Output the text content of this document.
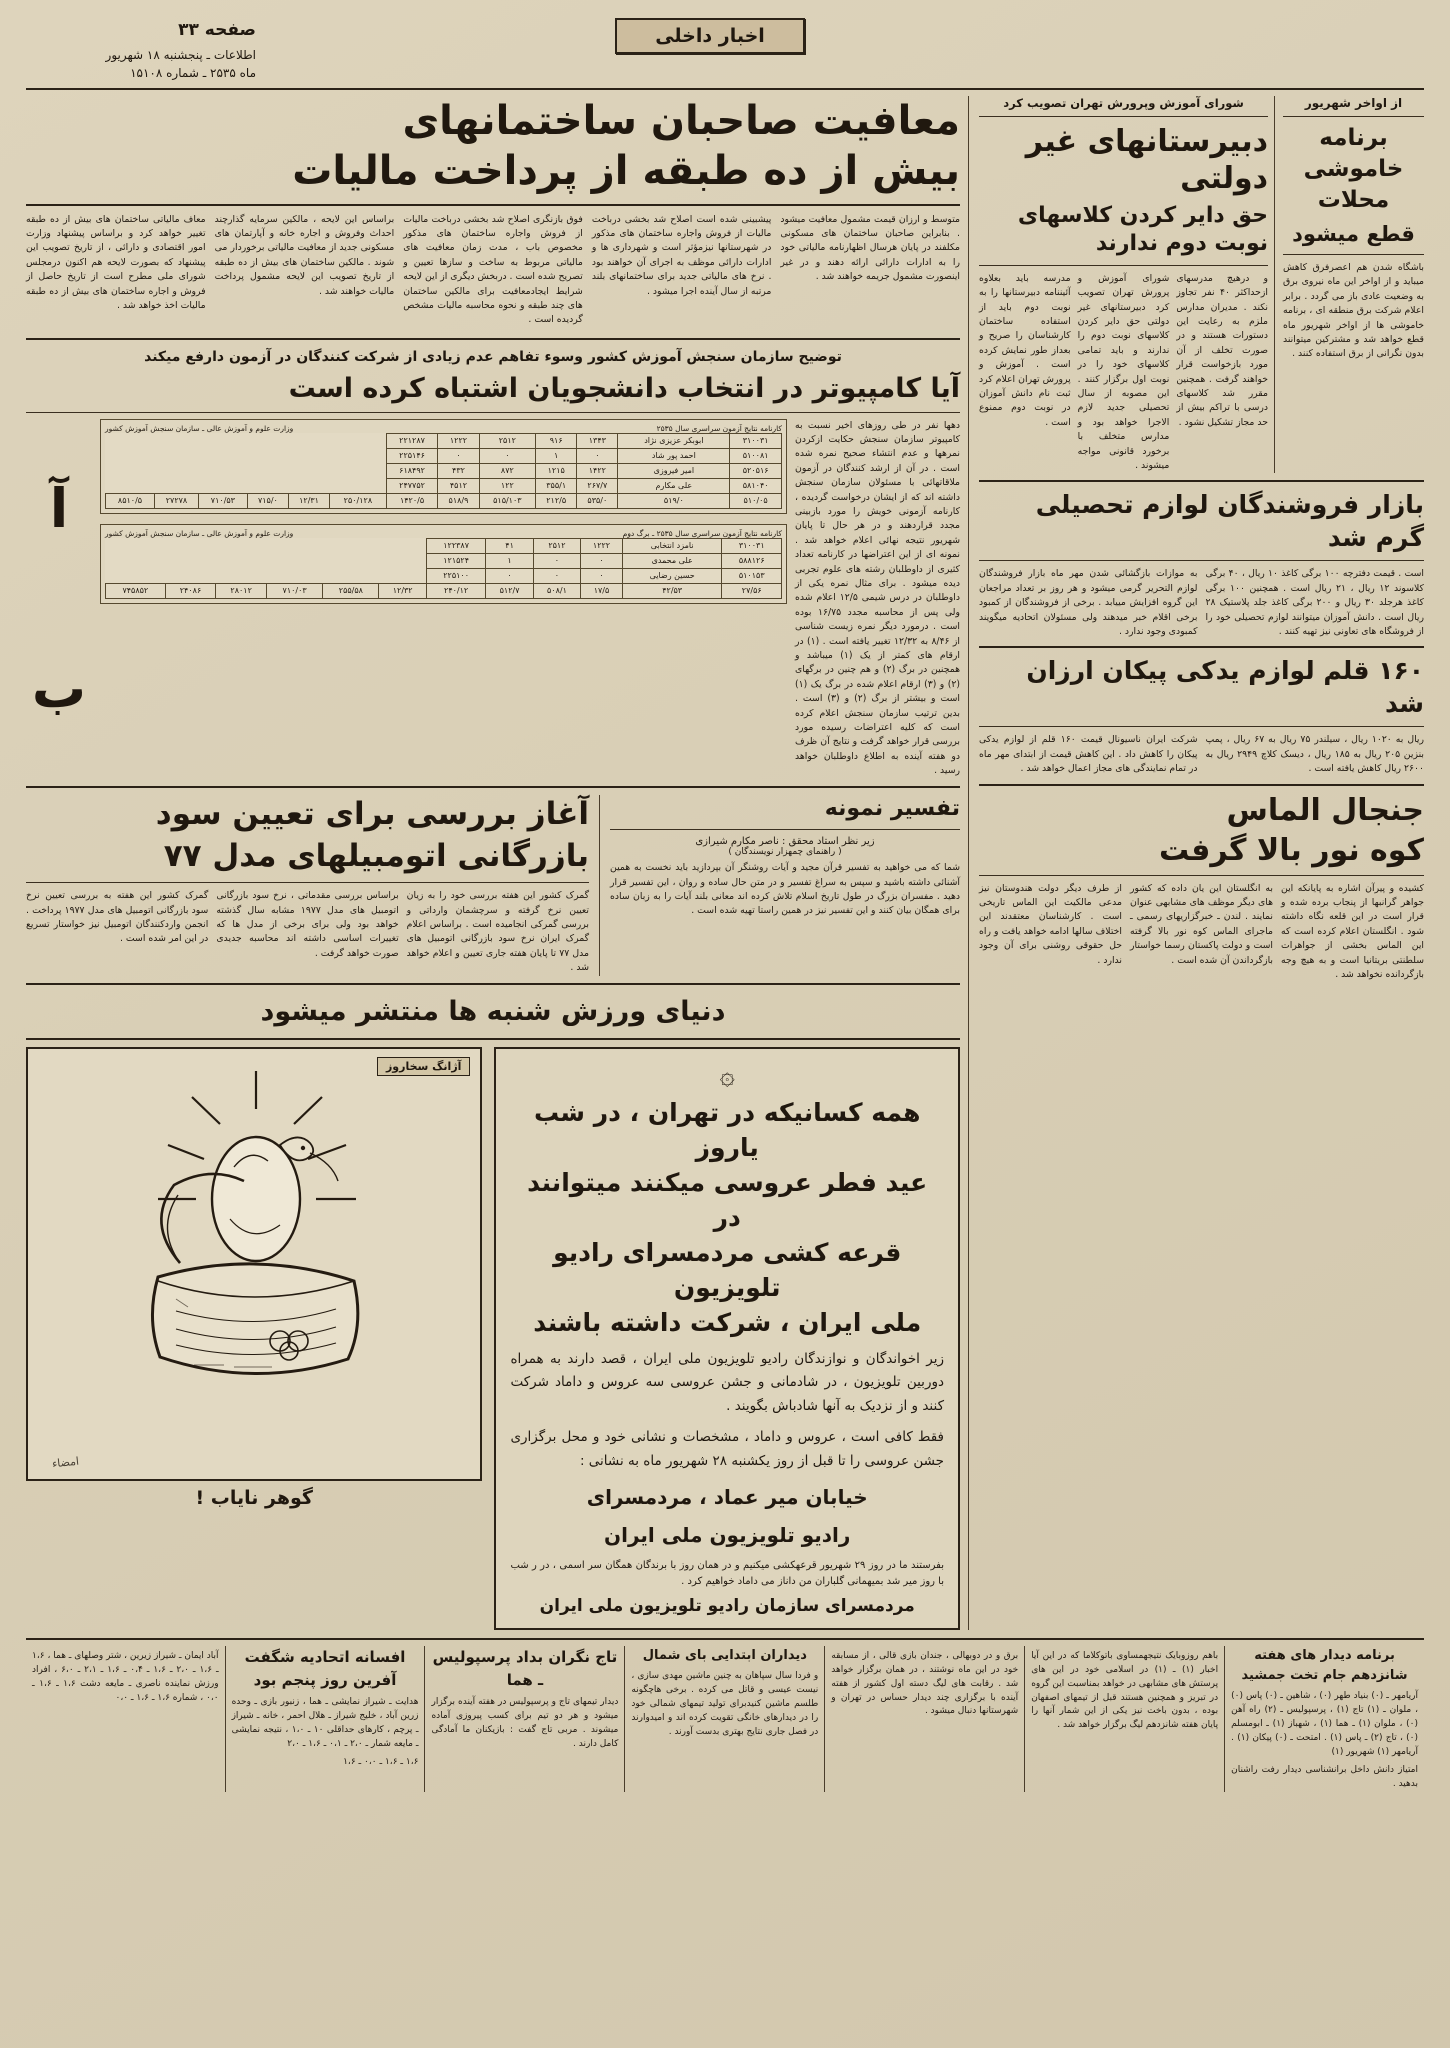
اخبار داخلی
صفحه ۳۳
اطلاعات ـ پنجشنبه ۱۸ شهریور
ماه ۲۵۳۵ ـ شماره ۱۵۱۰۸
از اواخر شهریور
برنامه
خاموشی
محلات
قطع میشود
باشگاه شدن هم اعصرفرق کاهش میباید و از اواخر این ماه نیروی برق به وضعیت عادی باز می گردد . برابر اعلام شرکت برق منطقه ای ، برنامه خاموشی ها از اواخر شهریور ماه قطع خواهد شد و مشترکین میتوانند بدون نگرانی از برق استفاده کنند .
شورای آموزش وپرورش تهران تصویب کرد
دبیرستانهای غیر دولتی
حق دایر کردن کلاسهای نوبت دوم ندارند
و درهیچ مدرسهای ازحداکثر ۴۰ نفر تجاوز نکند . مدیران مدارس ملزم به رعایت این دستورات هستند و در صورت تخلف از آن مورد بازخواست قرار خواهند گرفت . همچنین مقرر شد کلاسهای درسی با تراکم بیش از حد مجاز تشکیل نشود .
شورای آموزش و پرورش تهران تصویب کرد دبیرستانهای غیر دولتی حق دایر کردن کلاسهای نوبت دوم را ندارند و باید تمامی کلاسهای خود را در نوبت اول برگزار کنند . این مصوبه از سال تحصیلی جدید لازم الاجرا خواهد بود و مدارس متخلف با برخورد قانونی مواجه میشوند .
مدرسه باید بعلاوه آئیننامه دبیرستانها را به نوبت دوم باید از استفاده ساختمان کارشناسان را صریح و بعداز طور نمایش کرده است . آموزش و پرورش تهران اعلام کرد ثبت نام دانش آموزان در نوبت دوم ممنوع است .
بازار فروشندگان لوازم تحصیلی گرم شد
است . قیمت دفترچه ۱۰۰ برگی کاغذ ۱۰ ریال ، ۴۰ برگی کلاسوند ۱۲ ریال ، ۲۱ ریال است . همچنین ۱۰۰ برگی کاغذ هرجلد ۳۰ ریال و ۲۰۰ برگی کاغذ جلد پلاستیک ۲۸ ریال است . دانش آموزان میتوانند لوازم تحصیلی خود را از فروشگاه های تعاونی نیز تهیه کنند .
به موازات بازگشائی شدن مهر ماه بازار فروشندگان لوازم التحریر گرمی میشود و هر روز بر تعداد مراجعان این گروه افزایش مییابد . برخی از فروشندگان از کمبود برخی اقلام خبر میدهند ولی مسئولان اتحادیه میگویند کمبودی وجود ندارد .
۱۶۰ قلم لوازم یدکی پیکان ارزان شد
ریال به ۱۰۲۰ ریال ، سیلندر ۷۵ ریال به ۶۷ ریال ، پمپ بنزین ۲۰۵ ریال به ۱۸۵ ریال ، دیسک کلاچ ۲۹۴۹ ریال به ۲۶۰۰ ریال کاهش یافته است .
شرکت ایران ناسیونال قیمت ۱۶۰ قلم از لوازم یدکی پیکان را کاهش داد . این کاهش قیمت از ابتدای مهر ماه در تمام نمایندگی های مجاز اعمال خواهد شد .
جنجال الماس
کوه نور بالا گرفت
کشیده و پیرآن اشاره به پایانکه این جواهر گرانبها از پنجاب برده شده و قرار است در این قلعه نگاه داشته شود . انگلستان اعلام کرده است که این الماس بخشی از جواهرات سلطنتی بریتانیا است و به هیچ وجه بازگردانده نخواهد شد .
به انگلستان این یان داده که کشور های دیگر موظف های مشابهی عنوان نمایند . لندن ـ خبرگزاریهای رسمی ـ ماجرای الماس کوه نور بالا گرفته است و دولت پاکستان رسما خواستار بازگرداندن آن شده است .
از طرف دیگر دولت هندوستان نیز مدعی مالکیت این الماس تاریخی است . کارشناسان معتقدند این اختلاف سالها ادامه خواهد یافت و راه حل حقوقی روشنی برای آن وجود ندارد .
معافیت صاحبان ساختمانهای
بیش از ده طبقه از پرداخت مالیات
متوسط و ارزان قیمت مشمول معافیت میشود . بنابراین صاحبان ساختمان های مسکونی مکلفند در پایان هرسال اظهارنامه مالیاتی خود را به ادارات دارائی ارائه دهند و در غیر اینصورت مشمول جریمه خواهند شد .
پیشبینی شده است اصلاح شد بخشی درباخت مالیات از فروش واجاره ساختمان های مذکور در شهرستانها نیزمؤثر است و شهرداری ها و ادارات دارائی موظف به اجرای آن خواهند بود . نرخ های مالیاتی جدید برای ساختمانهای بلند مرتبه از سال آینده اجرا میشود .
فوق بازنگری اصلاح شد بخشی درباخت مالیات از فروش واجاره ساختمان های مذکور مخصوص باب ، مدت زمان معافیت های مالیاتی مربوط به ساخت و سازها تعیین و تصریح شده است . دربخش دیگری از این لایحه شرایط ایجادمعافیت برای مالکین ساختمان های چند طبقه و نحوه محاسبه مالیات مشخص گردیده است .
براساس این لایحه ، مالکین سرمایه گذارچند احداث وفروش و اجاره خانه و آپارتمان های مسکونی جدید از معافیت مالیاتی برخوردار می شوند . مالکین ساختمان های بیش از ده طبقه از تاریخ تصویب این لایحه مشمول پرداخت مالیات خواهند شد .
معاف مالیاتی ساختمان های بیش از ده طبقه تغییر خواهد کرد و براساس پیشنهاد وزارت امور اقتصادی و دارائی ، از تاریخ تصویب این پیشنهاد که بصورت لایحه هم اکنون درمجلس شورای ملی مطرح است از تاریخ حاصل از فروش و اجاره ساختمان های بیش از ده طبقه مالیات اخذ خواهد شد .
توضیح سازمان سنجش آموزش کشور وسوء تفاهم عدم زیادی از شرکت کنندگان در آزمون دارفع میکند
آیا کامپیوتر در انتخاب دانشجویان اشتباه کرده است
دهها نفر در طی روزهای اخیر نسبت به کامپیوتر سازمان سنجش حکایت ازکردن نمرهها و عدم انتشاء صحیح نمره شده است . در آن از ارشد کنندگان در آزمون ملاقاتهائی با مسئولان سازمان سنجش داشته اند که از ایشان درخواست گردیده ، کارنامه آزمونی خویش را مورد بازبینی مجدد قراردهند و در هر حال تا پایان شهریور نتیجه نهائی اعلام خواهد شد . نمونه ای از این اعتراضها در کارنامه تعداد کثیری از داوطلبان رشته های علوم تجربی دیده میشود . برای مثال نمره یکی از داوطلبان در درس شیمی ۱۲/۵ اعلام شده ولی پس از محاسبه مجدد ۱۶/۷۵ بوده است . درمورد دیگر نمره زیست شناسی از ۸/۴۶ به ۱۲/۳۲ تغییر یافته است . (۱) در ارقام های کمتر از یک (۱) میباشد و همچنین در برگ (۲) و هم چنین در برگهای (۲) و (۳) ارقام اعلام شده در برگ یک (۱) است و بیشتر از برگ (۲) و (۳) است . بدین ترتیب سازمان سنجش اعلام کرده است که کلیه اعتراضات رسیده مورد بررسی قرار خواهد گرفت و نتایج آن ظرف دو هفته آینده به اطلاع داوطلبان خواهد رسید .
کارنامه نتایج آزمون سراسری سال ۲۵۳۵
وزارت علوم و آموزش عالی ـ سازمان سنجش آموزش کشور
۳۱۰۰۳۱	ابوبکر عزیزی نژاد	۱۳۴۳	۹۱۶	۲۵۱۲	۱۲۲۲	۲۲۱۲۸۷						
۵۱۰۰۸۱	احمد پور شاد	۰	۱	۰	۰	۲۲۵۱۴۶						
۵۲۰۵۱۶	امیر فیروزی	۱۴۲۲	۱۲۱۵	۸۷۲	۴۳۲	۶۱۸۴۹۲						
۵۸۱۰۴۰	علی مکارم	۲۶۷/۷	۳۵۵/۱	۱۲۲	۴۵۱۲	۲۴۷۷۵۲						
۵۱۰/۰۵	۵۱۹/۰	۵۳۵/۰	۲۱۲/۵	۵۱۵/۱۰۳	۵۱۸/۹	۱۴۲۰/۵	۲۵۰/۱۲۸	۱۲/۳۱	۷۱۵/۰	۷۱۰/۵۳	۲۷۲۷۸	۸۵۱۰/۵
کارنامه نتایج آزمون سراسری سال ۲۵۳۵ ـ برگ دوم
وزارت علوم و آموزش عالی ـ سازمان سنجش آموزش کشور
۳۱۰۰۳۱	نامزد انتخابی	۱۲۲۲	۲۵۱۲	۴۱	۱۲۲۳۸۷						
۵۸۸۱۲۶	علی محمدی	۰	۰	۱	۱۲۱۵۲۴						
۵۱۰۱۵۳	حسین رضایی	۰	۰	۰	۲۲۵۱۰۰						
۲۷/۵۶	۴۲/۵۳	۱۷/۵	۵۰۸/۱	۵۱۲/۷	۲۴۰/۱۲	۱۲/۳۲	۲۵۵/۵۸	۷۱۰/۰۳	۲۸۰۱۲	۲۴۰۸۶	۷۴۵۸۵۲
آ
ب
تفسیر نمونه
زیر نظر استاد محقق : ناصر مکارم شیرازی
( راهنمای چمهزار نویسندگان )
شما که می خواهید به تفسیر قرآن مجید و آیات روشنگر آن بپردازید باید نخست به همین آشنائی داشته باشید و سپس به سراغ تفسیر و در متن حال ساده و روان ، این تفسیر قرار دهید . مفسران بزرگ در طول تاریخ اسلام تلاش کرده اند معانی بلند آیات را به زبان ساده برای همگان بیان کنند و این تفسیر نیز در همین راستا تهیه شده است .
آغاز بررسی برای تعیین سود
بازرگانی اتومبیلهای مدل ۷۷
گمرک کشور این هفته بررسی خود را به زیان تعیین نرخ گرفته و سرچشمان وارداتی و بررسی گمرکی انجامیده است . براساس اعلام گمرک ایران نرخ سود بازرگانی اتومبیل های مدل ۷۷ تا پایان هفته جاری تعیین و اعلام خواهد شد .
براساس بررسی مقدماتی ، نرخ سود بازرگانی اتومبیل های مدل ۱۹۷۷ مشابه سال گذشته خواهد بود ولی برای برخی از مدل ها که تغییرات اساسی داشته اند محاسبه جدیدی صورت خواهد گرفت .
گمرک کشور این هفته به بررسی تعیین نرخ سود بازرگانی اتومبیل های مدل ۱۹۷۷ پرداخت . انجمن واردکنندگان اتومبیل نیز خواستار تسریع در این امر شده است .
دنیای ورزش شنبه ها منتشر میشود
۞
همه کسانیکه در تهران ، در شب یاروز
عید فطر عروسی میکنند میتوانند در
قرعه کشی مردمسرای رادیو تلویزیون
ملی ایران ، شرکت داشته باشند
زیر اخواندگان و نوازندگان رادیو تلویزیون ملی ایران ، قصد دارند به همراه دوربین تلویزیون ، در شادمانی و جشن عروسی سه عروس و داماد شرکت کنند و از نزدیک به آنها شادباش بگویند .
فقط کافی است ، عروس و داماد ، مشخصات و نشانی خود و محل برگزاری جشن عروسی را تا قبل از روز یکشنبه ۲۸ شهریور ماه به نشانی :
خیابان میر عماد ، مردمسرای
رادیو تلویزیون ملی ایران
بفرستند ما در روز ۲۹ شهریور قرعهکشی میکنیم و در همان روز با برندگان همگان سر اسمی ، در ر شب با روز میر شد بمیهمانی گلباران من داناز می داماد خواهیم کرد .
مردمسرای سازمان رادیو تلویزیون ملی ایران
آژانگ سخاروز
امضاء
گوهر نایاب !
برنامه دیدار های هفته شانزدهم جام تخت جمشید
آریامهر ـ (۰) بنیاد طهر (۰) ، شاهین ـ (۰) پاس (۰) ، ملوان ـ (۱) تاج (۱) ، پرسپولیس ـ (۲) راه آهن (۰) ، ملوان (۱) ـ هما (۱) ، شهباز (۱) ـ ابومسلم (۰) ، تاج (۲) ـ پاس (۱) . امتحت ـ (۰) پیکان (۱) . آریامهر (۱) شهریور (۱)
امتیاز دانش داخل برانشناسی دیدار رفت راشنان بدهید .
باهم روزوبایک نتیجهمساوی باتوکلاما که در این آیا اخبار (۱) ـ (۱) در اسلامی خود در این های پرستش های مشابهی در خواهد بمناسبت این گروه در تبریز و همچنین هستند قبل از تیمهای اصفهان بوده ، بدون باخت نیز یکی از این شمار آنها را پایان هفته شانزدهم لیگ برگزار خواهد شد .
برق و در دوبهالی ، جندان بازی قالی ، از مسابقه خود در این ماه نوشتند ، در همان برگزار خواهد شد . رقابت های لیگ دسته اول کشور از هفته آینده با برگزاری چند دیدار حساس در تهران و شهرستانها دنبال میشود .
دیداران ابتدایی بای شمال
و فردا سال سپاهان به چنین ماشین مهدی سازی ، نیست عیسی و قاتل می کرده . برخی هاچگونه طلسم ماشین کنیدبرای تولید تیمهای شمالی خود را در دیدارهای خانگی تقویت کرده اند و امیدوارند در فصل جاری نتایج بهتری بدست آورند .
تاج نگران بداد پرسپولیس ـ هما
دیدار تیمهای تاج و پرسپولیس در هفته آینده برگزار میشود و هر دو تیم برای کسب پیروزی آماده میشوند . مربی تاج گفت : بازیکنان ما آمادگی کامل دارند .
افسانه اتحادیه شگفت آفرین روز پنجم بود
هدایت ـ شیراز نمایشی ـ هما ، زنبور بازی ـ وحده زرین آباد ، خلیج شیراز ـ هلال احمر ، خانه ـ شیراز ـ پرچم ، کارهای حداقلی ۱۰ ـ ۱،۰ ، نتیجه نمایشی ـ مایعه شمار ـ ۲،۰ ـ ۰،۱ ـ ۱،۶ ـ ۲،۰
۱،۶ ـ ۱،۶ ـ ۰،۰ ـ ۱،۶
آباد ایمان ـ شیراز زیرین ، شتر وصلهای ـ هما ، ۱،۶ ـ ۱،۶ ـ ۲،۰ ـ ۱،۶ ـ ۰،۴ ـ ۱،۶ ـ ۲،۱ ـ ۶،۰ ، افراد ورزش نماینده ناصری ـ مایعه دشت ۱،۶ ـ ۱،۶ ـ ۰،۰ ، شماره ۱،۶ ـ ۱،۶ ـ ۰،۰
